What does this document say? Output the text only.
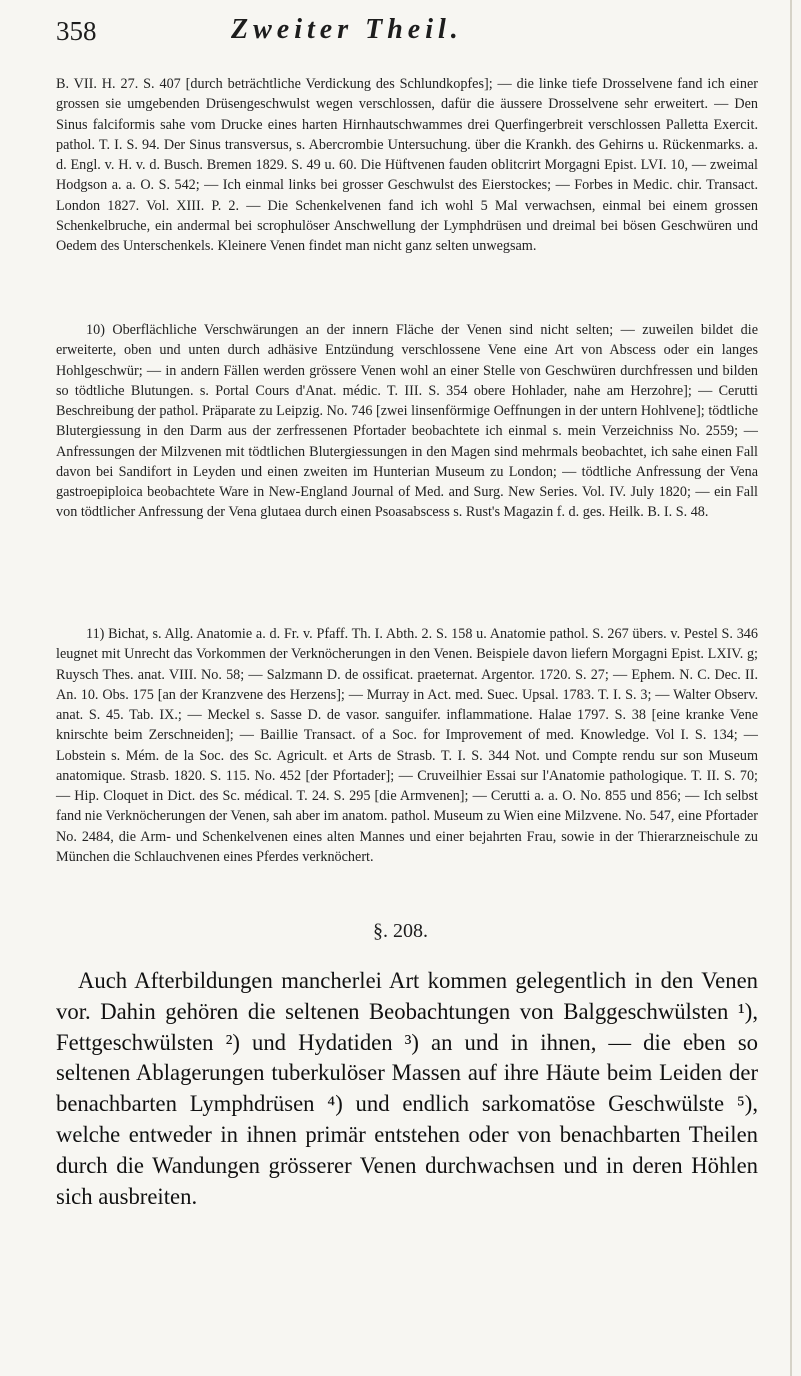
358	Zweiter Theil.
B. VII. H. 27. S. 407 [durch beträchtliche Verdickung des Schlundkopfes]; — die linke tiefe Drosselvene fand ich einer grossen sie umgebenden Drüsengeschwulst wegen verschlossen, dafür die äussere Drosselvene sehr erweitert. — Den Sinus falciformis sahe vom Drucke eines harten Hirnhautschwammes drei Querfingerbreit verschlossen Palletta Exercit. pathol. T. I. S. 94. Der Sinus transversus, s. Abercrombie Untersuchung. über die Krankh. des Gehirns u. Rückenmarks. a. d. Engl. v. H. v. d. Busch. Bremen 1829. S. 49 u. 60. Die Hüftvenen fauden oblitcrirt Morgagni Epist. LVI. 10, — zweimal Hodgson a. a. O. S. 542; — Ich einmal links bei grosser Geschwulst des Eierstockes; — Forbes in Medic. chir. Transact. London 1827. Vol. XIII. P. 2. — Die Schenkelvenen fand ich wohl 5 Mal verwachsen, einmal bei einem grossen Schenkelbruche, ein andermal bei scrophulöser Anschwellung der Lymphdrüsen und dreimal bei bösen Geschwüren und Oedem des Unterschenkels. Kleinere Venen findet man nicht ganz selten unwegsam.
10) Oberflächliche Verschwärungen an der innern Fläche der Venen sind nicht selten; — zuweilen bildet die erweiterte, oben und unten durch adhäsive Entzündung verschlossene Vene eine Art von Abscess oder ein langes Hohlgeschwür; — in andern Fällen werden grössere Venen wohl an einer Stelle von Geschwüren durchfressen und bilden so tödtliche Blutungen. s. Portal Cours d'Anat. médic. T. III. S. 354 obere Hohlader, nahe am Herzohre]; — Cerutti Beschreibung der pathol. Präparate zu Leipzig. No. 746 [zwei linsenförmige Oeffnungen in der untern Hohlvene]; tödtliche Blutergiessung in den Darm aus der zerfressenen Pfortader beobachtete ich einmal s. mein Verzeichniss No. 2559; — Anfressungen der Milzvenen mit tödtlichen Blutergiessungen in den Magen sind mehrmals beobachtet, ich sahe einen Fall davon bei Sandifort in Leyden und einen zweiten im Hunterian Museum zu London; — tödtliche Anfressung der Vena gastroepiploica beobachtete Ware in New-England Journal of Med. and Surg. New Series. Vol. IV. July 1820; — ein Fall von tödtlicher Anfressung der Vena glutaea durch einen Psoasabscess s. Rust's Magazin f. d. ges. Heilk. B. I. S. 48.
11) Bichat, s. Allg. Anatomie a. d. Fr. v. Pfaff. Th. I. Abth. 2. S. 158 u. Anatomie pathol. S. 267 übers. v. Pestel S. 346 leugnet mit Unrecht das Vorkommen der Verknöcherungen in den Venen. Beispiele davon liefern Morgagni Epist. LXIV. g; Ruysch Thes. anat. VIII. No. 58; — Salzmann D. de ossificat. praeternat. Argentor. 1720. S. 27; — Ephem. N. C. Dec. II. An. 10. Obs. 175 [an der Kranzvene des Herzens]; — Murray in Act. med. Suec. Upsal. 1783. T. I. S. 3; — Walter Observ. anat. S. 45. Tab. IX.; — Meckel s. Sasse D. de vasor. sanguifer. inflammatione. Halae 1797. S. 38 [eine kranke Vene knirschte beim Zerschneiden]; — Baillie Transact. of a Soc. for Improvement of med. Knowledge. Vol I. S. 134; — Lobstein s. Mém. de la Soc. des Sc. Agricult. et Arts de Strasb. T. I. S. 344 Not. und Compte rendu sur son Museum anatomique. Strasb. 1820. S. 115. No. 452 [der Pfortader]; — Cruveilhier Essai sur l'Anatomie pathologique. T. II. S. 70; — Hip. Cloquet in Dict. des Sc. médical. T. 24. S. 295 [die Armvenen]; — Cerutti a. a. O. No. 855 und 856; — Ich selbst fand nie Verknöcherungen der Venen, sah aber im anatom. pathol. Museum zu Wien eine Milzvene. No. 547, eine Pfortader No. 2484, die Arm- und Schenkelvenen eines alten Mannes und einer bejahrten Frau, sowie in der Thierarzneischule zu München die Schlauchvenen eines Pferdes verknöchert.
§. 208.
Auch Afterbildungen mancherlei Art kommen gelegentlich in den Venen vor. Dahin gehören die seltenen Beobachtungen von Balggeschwülsten ¹), Fettgeschwülsten ²) und Hydatiden ³) an und in ihnen, — die eben so seltenen Ablagerungen tuberkulöser Massen auf ihre Häute beim Leiden der benachbarten Lymphdrüsen ⁴) und endlich sarkomatöse Geschwülste ⁵), welche entweder in ihnen primär entstehen oder von benachbarten Theilen durch die Wandungen grösserer Venen durchwachsen und in deren Höhlen sich ausbreiten.
